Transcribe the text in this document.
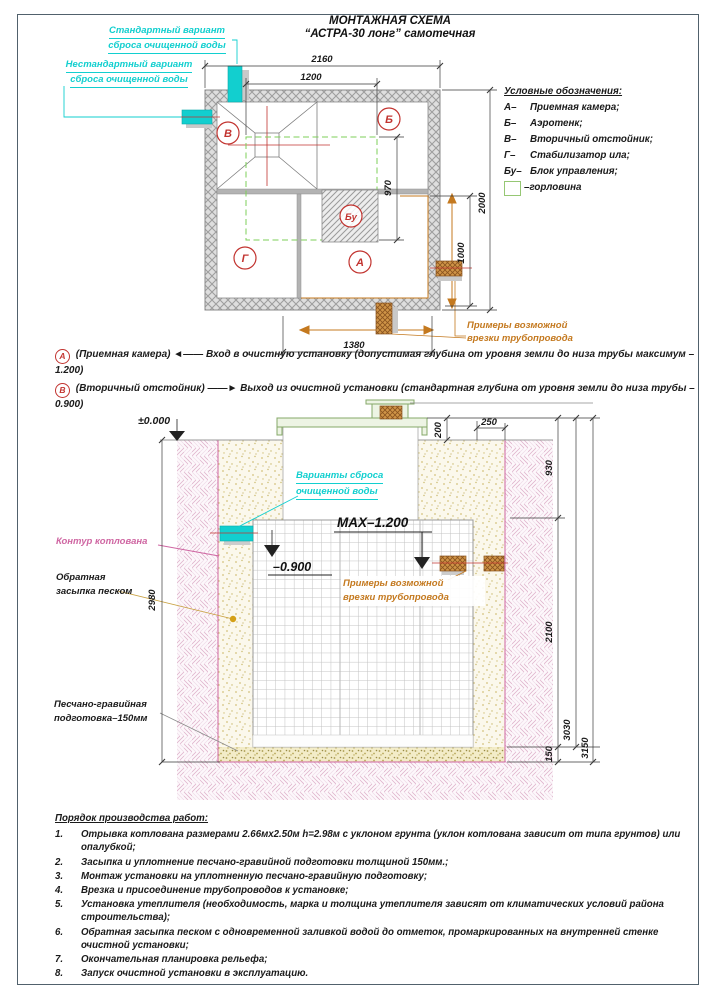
В
Б
Г	А
Бу
2160
1200
970
2000
1000
1380
±0.000
MAX–1.200
–0.900
200	250
930
2100
150
3030
3150
2980
МОНТАЖНАЯ СХЕМА
“АСТРА-30 лонг” самотечная
Стандартный вариант
сброса очищенной воды
Нестандартный вариант
сброса очищенной воды
Условные обозначения:
А–	Приемная камера;
Б–	Аэротенк;
В–	Вторичный отстойник;
Г–	Стабилизатор ила;
Бу– Блок управления;
–горловина

А (Приемная камера) ◄—— Вход в очистную установку (допустимая глубина от уровня земли до низа трубы максимум –1.200)

В (Вторичный отстойник) ——► Выход из очистной установки (стандартная глубина от уровня земли до низа трубы –0.900)

Варианты сброса
очищенной воды
Контур котлована
Обратная
засыпка песком
Песчано-гравийная
подготовка–150мм
Примеры возможной
врезки трубопровода
Примеры возможной
врезки трубопровода
Порядок производства работ:
1.	Отрывка котлована размерами 2.66мх2.50м h=2.98м с уклоном грунта (уклон котлована зависит от типа грунтов) или опалубкой;
2.	Засыпка и уплотнение песчано-гравийной подготовки толщиной 150мм.;
3.	Монтаж установки на уплотненную песчано-гравийную подготовку;
4.	Врезка и присоединение трубопроводов к установке;
5.	Установка утеплителя (необходимость, марка и толщина утеплителя зависят от климатических условий района строительства);
6.	Обратная засыпка песком с одновременной заливкой водой до отметок, промаркированных на внутренней стенке очистной установки;
7.	Окончательная планировка рельефа;
8.	Запуск очистной установки в эксплуатацию.
